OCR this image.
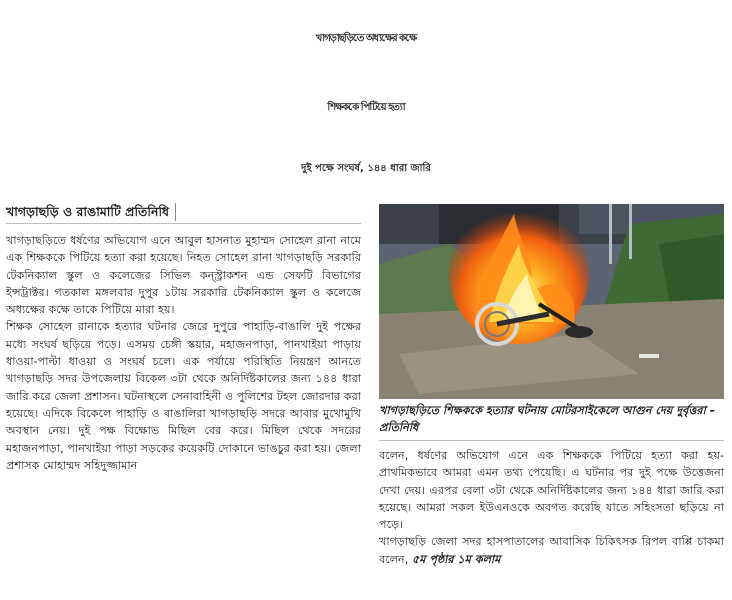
খাগড়াছড়িতে অধ্যক্ষের কক্ষে
শিক্ষককে পিটিয়ে হত্যা
দুই পক্ষে সংঘর্ষ, ১৪৪ ধারা জারি
খাগড়াছড়ি ও রাঙামাটি প্রতিনিধি

খাগড়াছড়িতে ধর্ষণের অভিযোগ এনে আবুল হাসনাত মুহাম্মদ সোহেল রানা নামে এক শিক্ষককে পিটিয়ে হত্যা করা হয়েছে। নিহত সোহেল রানা খাগড়াছড়ি সরকারি টেকনিক্যাল স্কুল ও কলেজের সিভিল কন্স্ট্রাকশন এন্ড সেফটি বিভাগের ইন্সট্রাক্টর। গতকাল মঙ্গলবার দুপুর ১টায় সরকারি টেকনিক্যাল স্কুল ও কলেজে অধ্যক্ষের কক্ষে তাকে পিটিয়ে মারা হয়।

শিক্ষক সোহেল রানাকে হত্যার ঘটনার জেরে দুপুরে পাহাড়ি-বাঙালি দুই পক্ষের মধ্যে সংঘর্ষ ছড়িয়ে পড়ে। এসময় চেঙ্গী স্কয়ার, মহাজনপাড়া, পানখাইয়া পাড়ায় ধাওয়া-পাল্টা ধাওয়া ও সংঘর্ষ চলে। এক পর্যায়ে পরিস্থিতি নিয়ন্ত্রণ আনতে খাগড়াছড়ি সদর উপজেলায় বিকেল ৩টা থেকে অনির্দিষ্টকালের জন্য ১৪৪ ধারা জারি করে জেলা প্রশাসন। ঘটনাস্থলে সেনাবাহিনী ও পুলিশের টহল জোরদার করা হয়েছে। এদিকে বিকেলে পাহাড়ি ও বাঙালিরা খাগড়াছড়ি সদরে আবার মুখোমুখি অবস্থান নেয়। দুই পক্ষ বিক্ষোভ মিছিল বের করে। মিছিল থেকে সদরের মহাজনপাড়া, পানখাইয়া পাড়া সড়কের কয়েকটি দোকানে ভাঙচুর করা হয়। জেলা প্রশাসক মোহাম্মদ সহিদুজ্জামান

খাগড়াছড়িতে শিক্ষককে হত্যার ঘটনায় মোটরসাইকেলে আগুন দেয় দুর্বৃত্তরা –প্রতিনিধি

বলেন, ধর্ষণের অভিযোগ এনে এক শিক্ষককে পিটিয়ে হত্যা করা হয়- প্রাথমিকভাবে আমরা এমন তথ্য পেয়েছি। এ ঘটনার পর দুই পক্ষে উত্তেজনা দেখা দেয়। এরপর বেলা ৩টা থেকে অনির্দিষ্টকালের জন্য ১৪৪ ধারা জারি করা হয়েছে। আমরা সকল ইউএনওকে অবগত করেছি যাতে সহিংসতা ছড়িয়ে না পড়ে।

খাগড়াছড়ি জেলা সদর হাসপাতালের আবাসিক চিকিৎসক রিপল বাপ্পি চাকমা বলেন, ৫ম পৃষ্ঠার ১ম কলাম
